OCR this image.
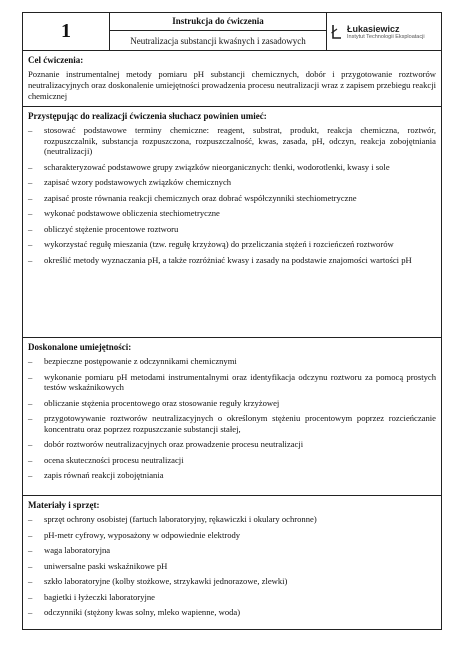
1	Instrukcja do ćwiczenia
Neutralizacja substancji kwaśnych i zasadowych
Łukasiewicz
Instytut Technologii Eksploatacji
Cel ćwiczenia:

Poznanie instrumentalnej metody pomiaru pH substancji chemicznych, dobór i przygotowanie roztworów neutralizacyjnych oraz doskonalenie umiejętności prowadzenia procesu neutralizacji wraz z zapisem przebiegu reakcji chemicznej

Przystępując do realizacji ćwiczenia słuchacz powinien umieć:
– stosować podstawowe terminy chemiczne: reagent, substrat, produkt, reakcja chemiczna, roztwór, rozpuszczalnik, substancja rozpuszczona, rozpuszczalność, kwas, zasada, pH, odczyn, reakcja zobojętniania (neutralizacji)
– scharakteryzować podstawowe grupy związków nieorganicznych: tlenki, wodorotlenki, kwasy i sole
– zapisać wzory podstawowych związków chemicznych
– zapisać proste równania reakcji chemicznych oraz dobrać współczynniki stechiometryczne
– wykonać podstawowe obliczenia stechiometryczne
– obliczyć stężenie procentowe roztworu
– wykorzystać regułę mieszania (tzw. regułę krzyżową) do przeliczania stężeń i rozcieńczeń roztworów
– określić metody wyznaczania pH, a także rozróżniać kwasy i zasady na podstawie znajomości wartości pH
Doskonalone umiejętności:
– bezpieczne postępowanie z odczynnikami chemicznymi
– wykonanie pomiaru pH metodami instrumentalnymi oraz identyfikacja odczynu roztworu za pomocą prostych testów wskaźnikowych
– obliczanie stężenia procentowego oraz stosowanie reguły krzyżowej
– przygotowywanie roztworów neutralizacyjnych o określonym stężeniu procentowym poprzez rozcieńczanie koncentratu oraz poprzez rozpuszczanie substancji stałej,
– dobór roztworów neutralizacyjnych oraz prowadzenie procesu neutralizacji
– ocena skuteczności procesu neutralizacji
– zapis równań reakcji zobojętniania
Materiały i sprzęt:
– sprzęt ochrony osobistej (fartuch laboratoryjny, rękawiczki i okulary ochronne)
– pH-metr cyfrowy, wyposażony w odpowiednie elektrody
– waga laboratoryjna
– uniwersalne paski wskaźnikowe pH
– szkło laboratoryjne (kolby stożkowe, strzykawki jednorazowe, zlewki)
– bagietki i łyżeczki laboratoryjne
– odczynniki (stężony kwas solny, mleko wapienne, woda)
